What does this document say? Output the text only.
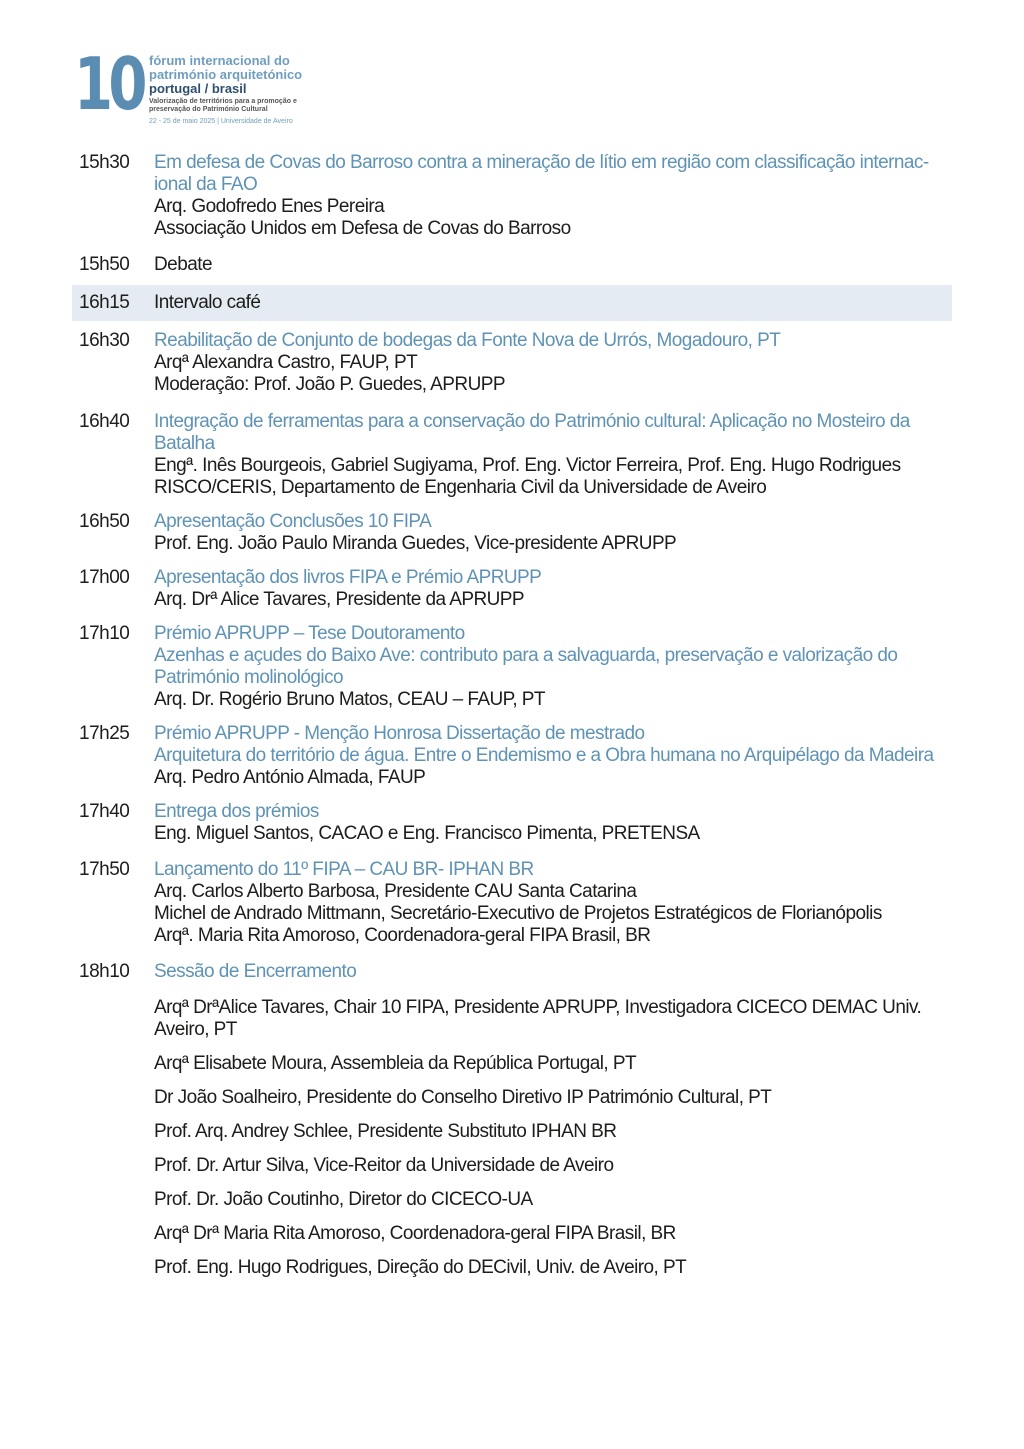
10 fórum internacional do
património arquitetónico
portugal / brasil
Valorização de territórios para a promoção e preservação do Património Cultural
22 - 25 de maio 2025 | Universidade de Aveiro
15h30	Em defesa de Covas do Barroso contra a mineração de lítio em região com classificação internac-
ional da FAO
Arq. Godofredo Enes Pereira
Associação Unidos em Defesa de Covas do Barroso
15h50	Debate
16h15	Intervalo café
16h30	Reabilitação de Conjunto de bodegas da Fonte Nova de Urrós, Mogadouro, PT
Arqª Alexandra Castro, FAUP, PT
Moderação: Prof. João P. Guedes, APRUPP
16h40	Integração de ferramentas para a conservação do Património cultural: Aplicação no Mosteiro da
Batalha
Engª. Inês Bourgeois, Gabriel Sugiyama, Prof. Eng. Victor Ferreira, Prof. Eng. Hugo Rodrigues
RISCO/CERIS, Departamento de Engenharia Civil da Universidade de Aveiro
16h50	Apresentação Conclusões 10 FIPA
Prof. Eng. João Paulo Miranda Guedes, Vice-presidente APRUPP
17h00	Apresentação dos livros FIPA e Prémio APRUPP
Arq. Drª Alice Tavares, Presidente da APRUPP
17h10	Prémio APRUPP – Tese Doutoramento
Azenhas e açudes do Baixo Ave: contributo para a salvaguarda, preservação e valorização do
Património molinológico
Arq. Dr. Rogério Bruno Matos, CEAU – FAUP, PT
17h25	Prémio APRUPP - Menção Honrosa Dissertação de mestrado
Arquitetura do território de água. Entre o Endemismo e a Obra humana no Arquipélago da Madeira
Arq. Pedro António Almada, FAUP
17h40	Entrega dos prémios
Eng. Miguel Santos, CACAO e Eng. Francisco Pimenta, PRETENSA
17h50	Lançamento do 11º FIPA – CAU BR- IPHAN BR
Arq. Carlos Alberto Barbosa, Presidente CAU Santa Catarina
Michel de Andrado Mittmann, Secretário-Executivo de Projetos Estratégicos de Florianópolis
Arqª. Maria Rita Amoroso, Coordenadora-geral FIPA Brasil, BR
18h10	Sessão de Encerramento
Arqª DrªAlice Tavares, Chair 10 FIPA, Presidente APRUPP, Investigadora CICECO DEMAC Univ. Aveiro, PT
Arqª Elisabete Moura, Assembleia da República Portugal, PT
Dr João Soalheiro, Presidente do Conselho Diretivo IP Património Cultural, PT
Prof. Arq. Andrey Schlee, Presidente Substituto IPHAN BR
Prof. Dr. Artur Silva, Vice-Reitor da Universidade de Aveiro
Prof. Dr. João Coutinho, Diretor do CICECO-UA
Arqª Drª Maria Rita Amoroso, Coordenadora-geral FIPA Brasil, BR
Prof. Eng. Hugo Rodrigues, Direção do DECivil, Univ. de Aveiro, PT
